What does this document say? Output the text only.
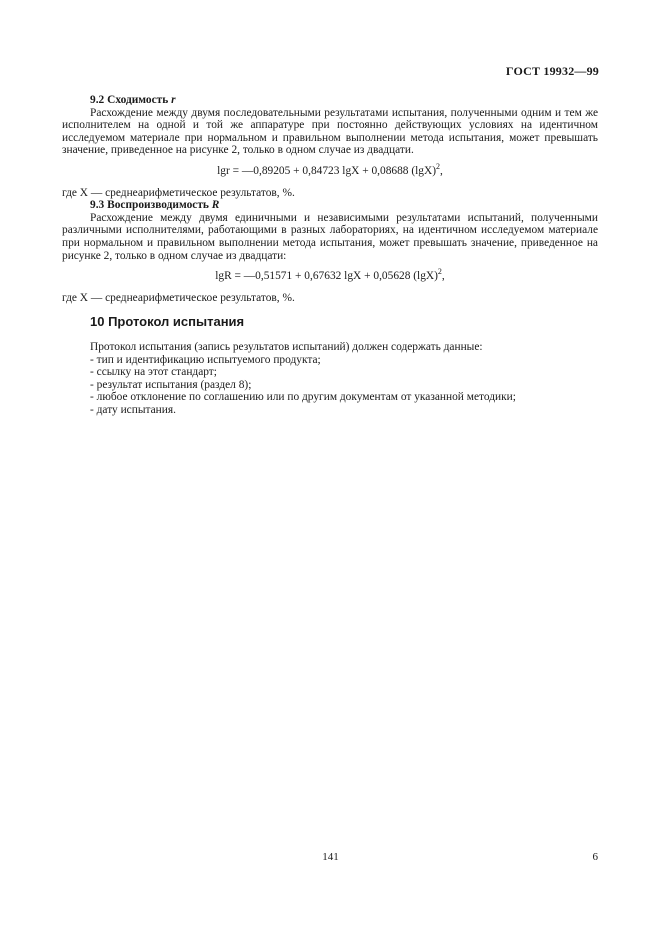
ГОСТ 19932—99

9.2 Сходимость r

Расхождение между двумя последовательными результатами испытания, полученными одним и тем же исполнителем на одной и той же аппаратуре при постоянно действующих условиях на идентичном исследуемом материале при нормальном и правильном выполнении метода испытания, может превышать значение, приведенное на рисунке 2, только в одном случае из двадцати.

lgr = —0,89205 + 0,84723 lgX + 0,08688 $(\lg X)^2$,

где X — среднеарифметическое результатов, %.

9.3 Воспроизводимость R

Расхождение между двумя единичными и независимыми результатами испытаний, полученными различными исполнителями, работающими в разных лабораториях, на идентичном исследуемом материале при нормальном и правильном выполнении метода испытания, может превышать значение, приведенное на рисунке 2, только в одном случае из двадцати:

lgR = —0,51571 + 0,67632 lgX + 0,05628 $(\lg X)^2$,

где X — среднеарифметическое результатов, %.

10 Протокол испытания

Протокол испытания (запись результатов испытаний) должен содержать данные:

- тип и идентификацию испытуемого продукта;
- ссылку на этот стандарт;
- результат испытания (раздел 8);
- любое отклонение по соглашению или по другим документам от указанной методики;
- дату испытания.
141	6
